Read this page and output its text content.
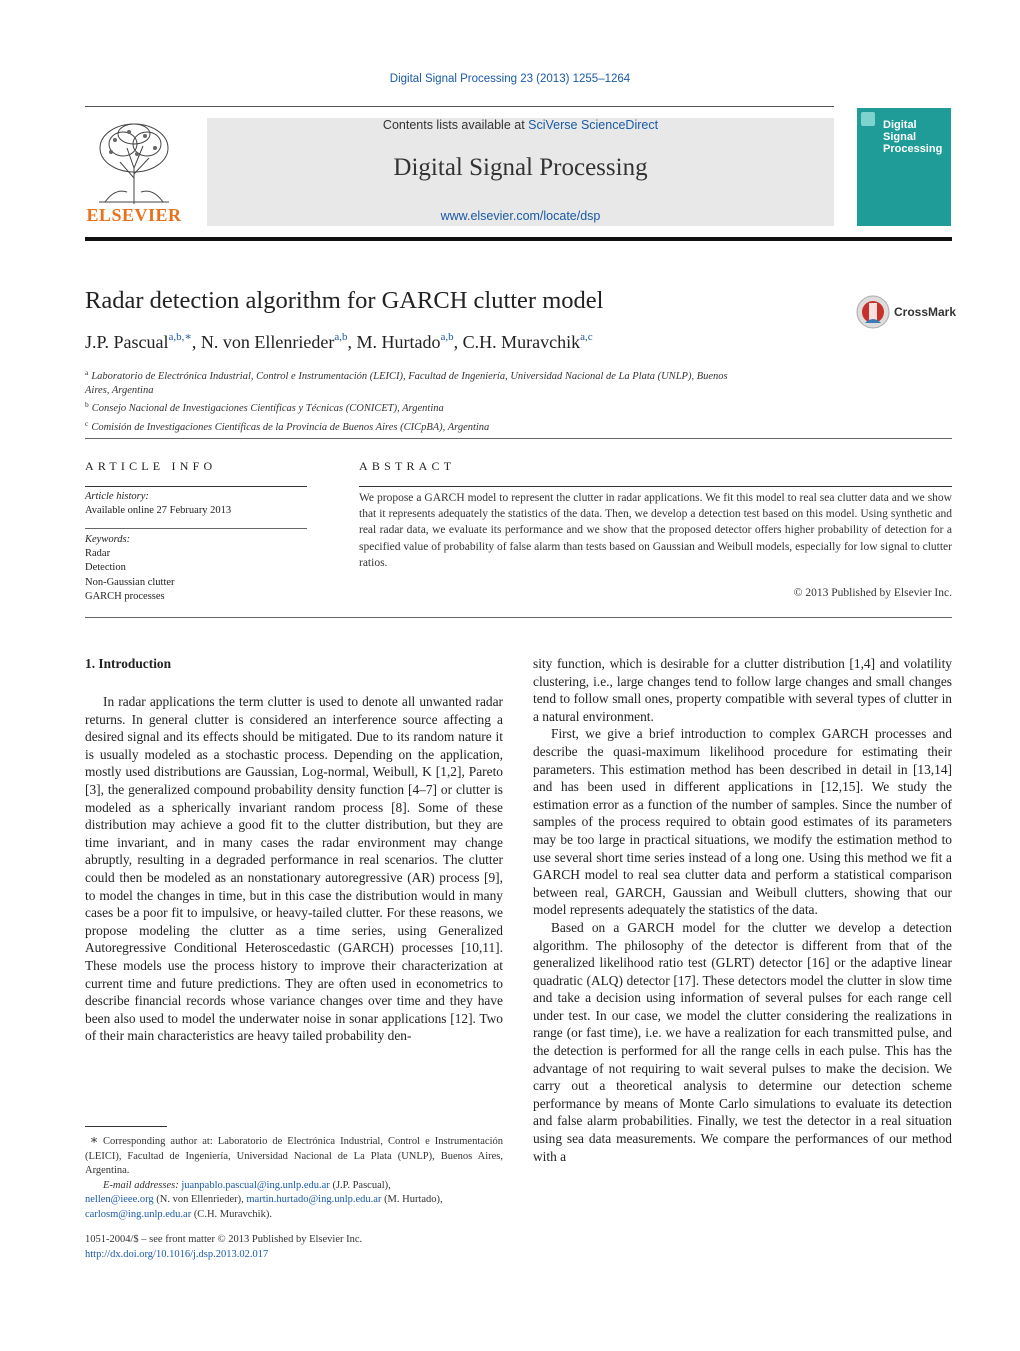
Digital Signal Processing 23 (2013) 1255–1264
ELSEVIER
Contents lists available at SciVerse ScienceDirect
Digital Signal Processing
www.elsevier.com/locate/dsp
Digital
Signal
Processing
Radar detection algorithm for GARCH clutter model	CrossMark
J.P. Pascual$^{a,b,∗}$, N. von Ellenrieder$^{a,b}$, M. Hurtado$^{a,b}$, C.H. Muravchik$^{a,c}$
$^a$ Laboratorio de Electrónica Industrial, Control e Instrumentación (LEICI), Facultad de Ingeniería, Universidad Nacional de La Plata (UNLP), Buenos Aires, Argentina
$^b$ Consejo Nacional de Investigaciones Científicas y Técnicas (CONICET), Argentina
$^c$ Comisión de Investigaciones Científicas de la Provincia de Buenos Aires (CICpBA), Argentina
ARTICLE INFO
Article history:
Available online 27 February 2013
Keywords:
Radar
Detection
Non-Gaussian clutter
GARCH processes
ABSTRACT
We propose a GARCH model to represent the clutter in radar applications. We fit this model to real sea clutter data and we show that it represents adequately the statistics of the data. Then, we develop a detection test based on this model. Using synthetic and real radar data, we evaluate its performance and we show that the proposed detector offers higher probability of detection for a specified value of probability of false alarm than tests based on Gaussian and Weibull models, especially for low signal to clutter ratios.
© 2013 Published by Elsevier Inc.
1. Introduction

In radar applications the term clutter is used to denote all unwanted radar returns. In general clutter is considered an interference source affecting a desired signal and its effects should be mitigated. Due to its random nature it is usually modeled as a stochastic process. Depending on the application, mostly used distributions are Gaussian, Log-normal, Weibull, K [1,2], Pareto [3], the generalized compound probability density function [4–7] or clutter is modeled as a spherically invariant random process [8]. Some of these distribution may achieve a good fit to the clutter distribution, but they are time invariant, and in many cases the radar environment may change abruptly, resulting in a degraded performance in real scenarios. The clutter could then be modeled as an nonstationary autoregressive (AR) process [9], to model the changes in time, but in this case the distribution would in many cases be a poor fit to impulsive, or heavy-tailed clutter. For these reasons, we propose modeling the clutter as a time series, using Generalized Autoregressive Conditional Heteroscedastic (GARCH) processes [10,11]. These models use the process history to improve their characterization at current time and future predictions. They are often used in econometrics to describe financial records whose variance changes over time and they have been also used to model the underwater noise in sonar applications [12]. Two of their main characteristics are heavy tailed probability den-

sity function, which is desirable for a clutter distribution [1,4] and volatility clustering, i.e., large changes tend to follow large changes and small changes tend to follow small ones, property compatible with several types of clutter in a natural environment.

First, we give a brief introduction to complex GARCH processes and describe the quasi-maximum likelihood procedure for estimating their parameters. This estimation method has been described in detail in [13,14] and has been used in different applications in [12,15]. We study the estimation error as a function of the number of samples. Since the number of samples of the process required to obtain good estimates of its parameters may be too large in practical situations, we modify the estimation method to use several short time series instead of a long one. Using this method we fit a GARCH model to real sea clutter data and perform a statistical comparison between real, GARCH, Gaussian and Weibull clutters, showing that our model represents adequately the statistics of the data.

Based on a GARCH model for the clutter we develop a detection algorithm. The philosophy of the detector is different from that of the generalized likelihood ratio test (GLRT) detector [16] or the adaptive linear quadratic (ALQ) detector [17]. These detectors model the clutter in slow time and take a decision using information of several pulses for each range cell under test. In our case, we model the clutter considering the realizations in range (or fast time), i.e. we have a realization for each transmitted pulse, and the detection is performed for all the range cells in each pulse. This has the advantage of not requiring to wait several pulses to make the decision. We carry out a theoretical analysis to determine our detection scheme performance by means of Monte Carlo simulations to evaluate its detection and false alarm probabilities. Finally, we test the detector in a real situation using sea data measurements. We compare the performances of our method with a

∗ Corresponding author at: Laboratorio de Electrónica Industrial, Control e Instrumentación (LEICI), Facultad de Ingeniería, Universidad Nacional de La Plata (UNLP), Buenos Aires, Argentina.
E-mail addresses: juanpablo.pascual@ing.unlp.edu.ar (J.P. Pascual),
nellen@ieee.org (N. von Ellenrieder), martin.hurtado@ing.unlp.edu.ar (M. Hurtado),
carlosm@ing.unlp.edu.ar (C.H. Muravchik).
1051-2004/$ – see front matter © 2013 Published by Elsevier Inc.
http://dx.doi.org/10.1016/j.dsp.2013.02.017
